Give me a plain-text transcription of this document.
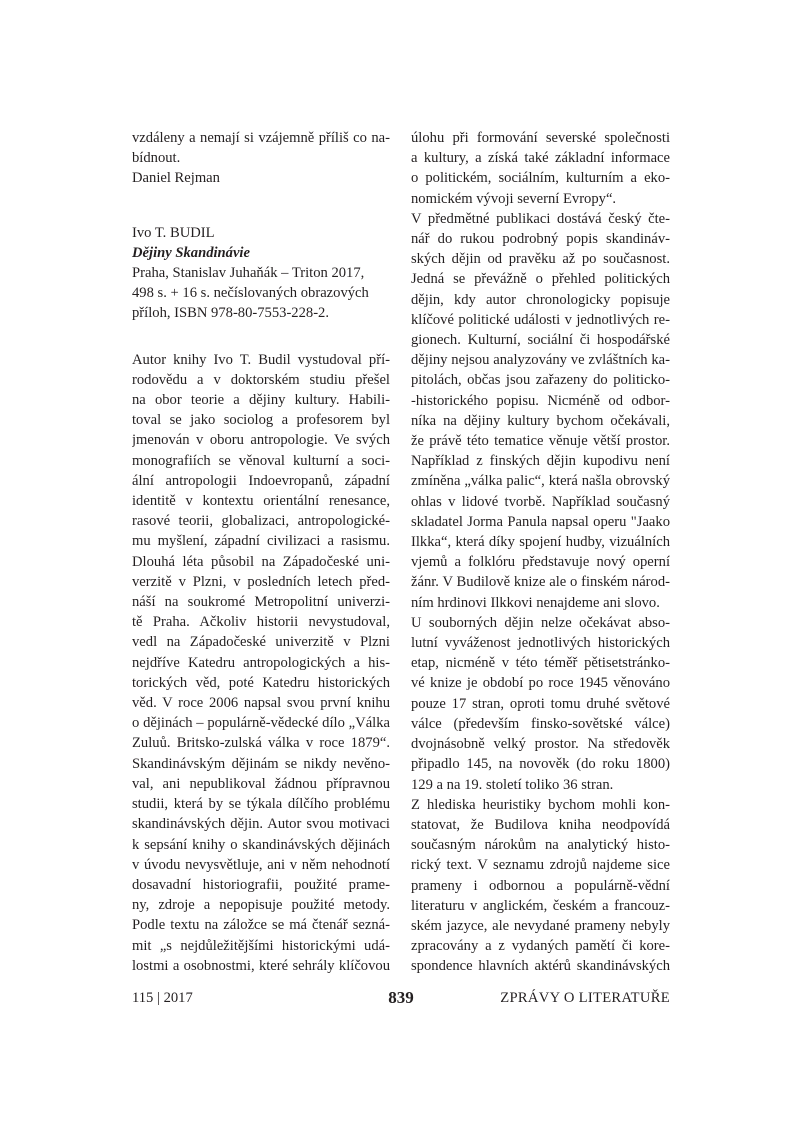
vzdáleny a nemají si vzájemně příliš co na-
bídnout.

Daniel Rejman

Ivo T. BUDIL
Dějiny Skandinávie
Praha, Stanislav Juhaňák – Triton 2017,
498 s. + 16 s. nečíslovaných obrazových
příloh, ISBN 978-80-7553-228-2.
Autor knihy Ivo T. Budil vystudoval pří-
rodovědu a v doktorském studiu přešel
na obor teorie a dějiny kultury. Habili-
toval se jako sociolog a profesorem byl
jmenován v oboru antropologie. Ve svých
monografiích se věnoval kulturní a soci-
ální antropologii Indoevropanů, západní
identitě v kontextu orientální renesance,
rasové teorii, globalizaci, antropologické-
mu myšlení, západní civilizaci a rasismu.
Dlouhá léta působil na Západočeské uni-
verzitě v Plzni, v posledních letech před-
náší na soukromé Metropolitní univerzi-
tě Praha. Ačkoliv historii nevystudoval,
vedl na Západočeské univerzitě v Plzni
nejdříve Katedru antropologických a his-
torických věd, poté Katedru historických
věd. V roce 2006 napsal svou první knihu
o dějinách – populárně-vědecké dílo „Válka
Zuluů. Britsko-zulská válka v roce 1879“.
Skandinávským dějinám se nikdy nevěno-
val, ani nepublikoval žádnou přípravnou
studii, která by se týkala dílčího problému
skandinávských dějin. Autor svou motivaci
k sepsání knihy o skandinávských dějinách
v úvodu nevysvětluje, ani v něm nehodnotí
dosavadní historiografii, použité prame-
ny, zdroje a nepopisuje použité metody.
Podle textu na záložce se má čtenář sezná-
mit „s nejdůležitějšími historickými udá-
lostmi a osobnostmi, které sehrály klíčovou
úlohu při formování severské společnosti
a kultury, a získá také základní informace
o politickém, sociálním, kulturním a eko-
nomickém vývoji severní Evropy“.
V předmětné publikaci dostává český čte-
nář do rukou podrobný popis skandináv-
ských dějin od pravěku až po současnost.
Jedná se převážně o přehled politických
dějin, kdy autor chronologicky popisuje
klíčové politické události v jednotlivých re-
gionech. Kulturní, sociální či hospodářské
dějiny nejsou analyzovány ve zvláštních ka-
pitolách, občas jsou zařazeny do politicko-
-historického popisu. Nicméně od odbor-
níka na dějiny kultury bychom očekávali,
že právě této tematice věnuje větší prostor.
Například z finských dějin kupodivu není
zmíněna „válka palic“, která našla obrovský
ohlas v lidové tvorbě. Například současný
skladatel Jorma Panula napsal operu "Jaako
Ilkka“, která díky spojení hudby, vizuálních
vjemů a folklóru představuje nový operní
žánr. V Budilově knize ale o finském národ-
ním hrdinovi Ilkkovi nenajdeme ani slovo.
U souborných dějin nelze očekávat abso-
lutní vyváženost jednotlivých historických
etap, nicméně v této téměř pětisetstránko-
vé knize je období po roce 1945 věnováno
pouze 17 stran, oproti tomu druhé světové
válce (především finsko-sovětské válce)
dvojnásobně velký prostor. Na středověk
připadlo 145, na novověk (do roku 1800)
129 a na 19. století toliko 36 stran.
Z hlediska heuristiky bychom mohli kon-
statovat, že Budilova kniha neodpovídá
současným nárokům na analytický histo-
rický text. V seznamu zdrojů najdeme sice
prameny i odbornou a populárně-vědní
literaturu v anglickém, českém a francouz-
ském jazyce, ale nevydané prameny nebyly
zpracovány a z vydaných pamětí či kore-
spondence hlavních aktérů skandinávských
115 | 2017	839	ZPRÁVY O LITERATUŘE
